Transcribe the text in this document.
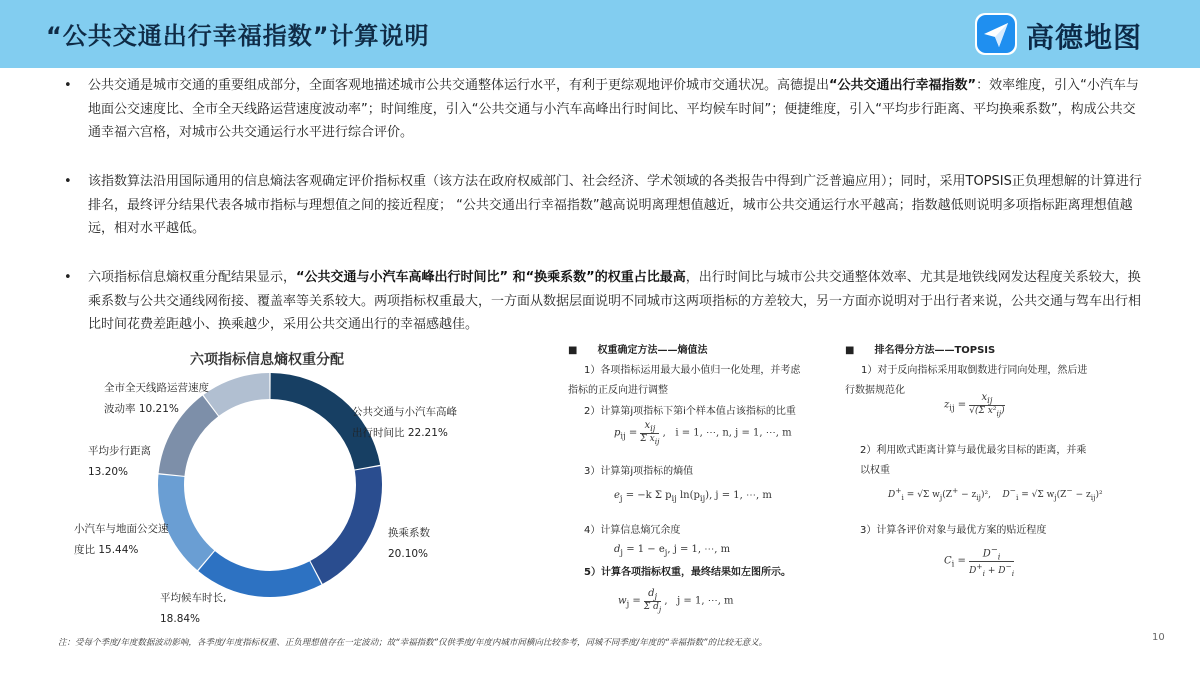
“公共交通出行幸福指数”计算说明	高德地图
• 公共交通是城市交通的重要组成部分，全面客观地描述城市公共交通整体运行水平，有利于更综观地评价城市交通状况。高德提出“公共交通出行幸福指数”：效率维度，引入“小汽车与地面公交速度比、全市全天线路运营速度波动率”；时间维度，引入“公共交通与小汽车高峰出行时间比、平均候车时间”；便捷维度，引入“平均步行距离、平均换乘系数”，构成公共交通幸福六宫格，对城市公共交通运行水平进行综合评价。
• 该指数算法沿用国际通用的信息熵法客观确定评价指标权重（该方法在政府权威部门、社会经济、学术领域的各类报告中得到广泛普遍应用）；同时，采用TOPSIS正负理想解的计算进行排名，最终评分结果代表各城市指标与理想值之间的接近程度； “公共交通出行幸福指数”越高说明离理想值越近，城市公共交通运行水平越高；指数越低则说明多项指标距离理想值越远，相对水平越低。
• 六项指标信息熵权重分配结果显示，“公共交通与小汽车高峰出行时间比” 和“换乘系数”的权重占比最高，出行时间比与城市公共交通整体效率、尤其是地铁线网发达程度关系较大，换乘系数与公共交通线网衔接、覆盖率等关系较大。两项指标权重最大，一方面从数据层面说明不同城市这两项指标的方差较大，另一方面亦说明对于出行者来说，公共交通与驾车出行相比时间花费差距越小、换乘越少，采用公共交通出行的幸福感越佳。
六项指标信息熵权重分配
公共交通与小汽车高峰
出行时间比 22.21%
换乘系数
20.10%
平均候车时长,
18.84%
小汽车与地面公交速
度比 15.44%
平均步行距离
13.20%
全市全天线路运营速度
波动率 10.21%
■　　权重确定方法——熵值法
1）各项指标运用最大最小值归一化处理，并考虑
指标的正反向进行调整
2）计算第j项指标下第i个样本值占该指标的比重
$p_{ij} = \frac{x_{ij}}{\Sigma x_{ij}}$ ,   i = 1, ⋯, n, j = 1, ⋯, m
3）计算第j项指标的熵值
$e_j = -k$ Σ $p_{ij}$ $\ln(p_{ij})$, j = 1, ⋯, m
4）计算信息熵冗余度
$d_j = 1 - e_j$, j = 1, ⋯, m
5）计算各项指标权重，最终结果如左图所示。
$w_j = \frac{d_j}{\Sigma d_j}$ ,   j = 1, ⋯, m
■　　排名得分方法——TOPSIS
1）对于反向指标采用取倒数进行同向处理，然后进
行数据规范化
$z_{ij} = \frac{x_{ij}}{√(\Sigma x^2_{ij})}$
2）利用欧式距离计算与最优最劣目标的距离，并乘
以权重
$D^+_i = √\Sigma$ $w_j(Z^+ - z_{ij})^2$, $D^-_i = √\Sigma$ $w_j(Z^- - z_{ij})^2$
3）计算各评价对象与最优方案的贴近程度
$C_i = \frac{D^-_i}{D^+_i + D^-_i}$
注：受每个季度/年度数据波动影响，各季度/年度指标权重、正负理想值存在一定波动；故“幸福指数”仅供季度/年度内城市间横向比较参考，同城不同季度/年度的“幸福指数”的比较无意义。	10
